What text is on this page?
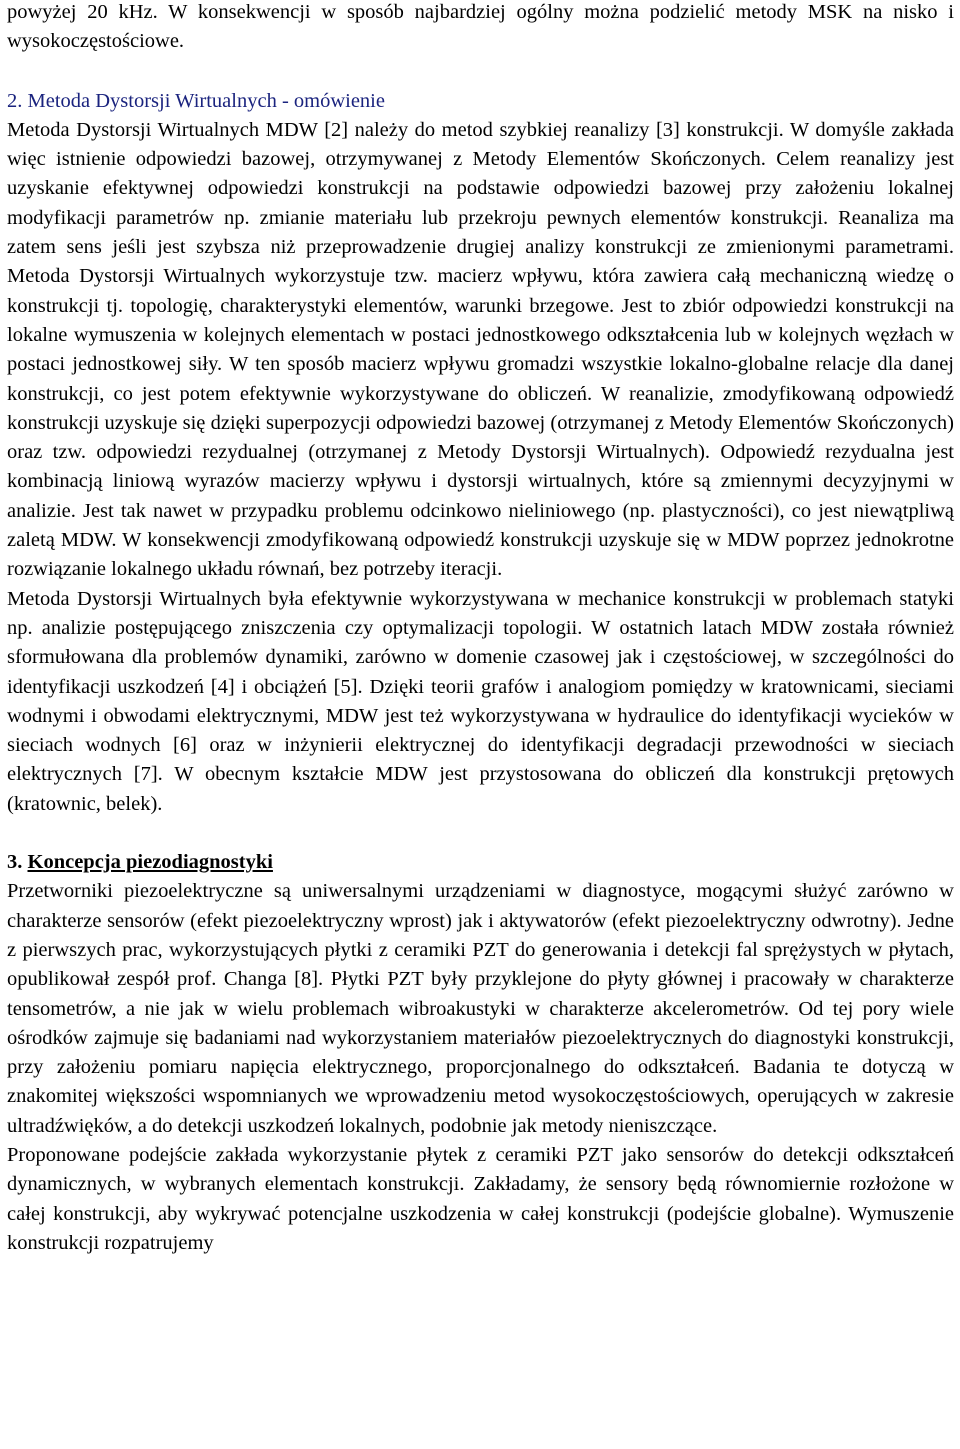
powyżej 20 kHz. W konsekwencji w sposób najbardziej ogólny można podzielić metody MSK na nisko i wysokoczęstościowe.

2. Metoda Dystorsji Wirtualnych - omówienie

Metoda Dystorsji Wirtualnych MDW [2] należy do metod szybkiej reanalizy [3] konstrukcji. W domyśle zakłada więc istnienie odpowiedzi bazowej, otrzymywanej z Metody Elementów Skończonych. Celem reanalizy jest uzyskanie efektywnej odpowiedzi konstrukcji na podstawie odpowiedzi bazowej przy założeniu lokalnej modyfikacji parametrów np. zmianie materiału lub przekroju pewnych elementów konstrukcji. Reanaliza ma zatem sens jeśli jest szybsza niż przeprowadzenie drugiej analizy konstrukcji ze zmienionymi parametrami. Metoda Dystorsji Wirtualnych wykorzystuje tzw. macierz wpływu, która zawiera całą mechaniczną wiedzę o konstrukcji tj. topologię, charakterystyki elementów, warunki brzegowe. Jest to zbiór odpowiedzi konstrukcji na lokalne wymuszenia w kolejnych elementach w postaci jednostkowego odkształcenia lub w kolejnych węzłach w postaci jednostkowej siły. W ten sposób macierz wpływu gromadzi wszystkie lokalno-globalne relacje dla danej konstrukcji, co jest potem efektywnie wykorzystywane do obliczeń. W reanalizie, zmodyfikowaną odpowiedź konstrukcji uzyskuje się dzięki superpozycji odpowiedzi bazowej (otrzymanej z Metody Elementów Skończonych) oraz tzw. odpowiedzi rezydualnej (otrzymanej z Metody Dystorsji Wirtualnych). Odpowiedź rezydualna jest kombinacją liniową wyrazów macierzy wpływu i dystorsji wirtualnych, które są zmiennymi decyzyjnymi w analizie. Jest tak nawet w przypadku problemu odcinkowo nieliniowego (np. plastyczności), co jest niewątpliwą zaletą MDW. W konsekwencji zmodyfikowaną odpowiedź konstrukcji uzyskuje się w MDW poprzez jednokrotne rozwiązanie lokalnego układu równań, bez potrzeby iteracji.

Metoda Dystorsji Wirtualnych była efektywnie wykorzystywana w mechanice konstrukcji w problemach statyki np. analizie postępującego zniszczenia czy optymalizacji topologii. W ostatnich latach MDW została również sformułowana dla problemów dynamiki, zarówno w domenie czasowej jak i częstościowej, w szczególności do identyfikacji uszkodzeń [4] i obciążeń [5]. Dzięki teorii grafów i analogiom pomiędzy w kratownicami, sieciami wodnymi i obwodami elektrycznymi, MDW jest też wykorzystywana w hydraulice do identyfikacji wycieków w sieciach wodnych [6] oraz w inżynierii elektrycznej do identyfikacji degradacji przewodności w sieciach elektrycznych [7]. W obecnym kształcie MDW jest przystosowana do obliczeń dla konstrukcji prętowych (kratownic, belek).

3. Koncepcja piezodiagnostyki

Przetworniki piezoelektryczne są uniwersalnymi urządzeniami w diagnostyce, mogącymi służyć zarówno w charakterze sensorów (efekt piezoelektryczny wprost) jak i aktywatorów (efekt piezoelektryczny odwrotny). Jedne z pierwszych prac, wykorzystujących płytki z ceramiki PZT do generowania i detekcji fal sprężystych w płytach, opublikował zespół prof. Changa [8]. Płytki PZT były przyklejone do płyty głównej i pracowały w charakterze tensometrów, a nie jak w wielu problemach wibroakustyki w charakterze akcelerometrów. Od tej pory wiele ośrodków zajmuje się badaniami nad wykorzystaniem materiałów piezoelektrycznych do diagnostyki konstrukcji, przy założeniu pomiaru napięcia elektrycznego, proporcjonalnego do odkształceń. Badania te dotyczą w znakomitej większości wspomnianych we wprowadzeniu metod wysokoczęstościowych, operujących w zakresie ultradźwięków, a do detekcji uszkodzeń lokalnych, podobnie jak metody nieniszczące.

Proponowane podejście zakłada wykorzystanie płytek z ceramiki PZT jako sensorów do detekcji odkształceń dynamicznych, w wybranych elementach konstrukcji. Zakładamy, że sensory będą równomiernie rozłożone w całej konstrukcji, aby wykrywać potencjalne uszkodzenia w całej konstrukcji (podejście globalne). Wymuszenie konstrukcji rozpatrujemy
